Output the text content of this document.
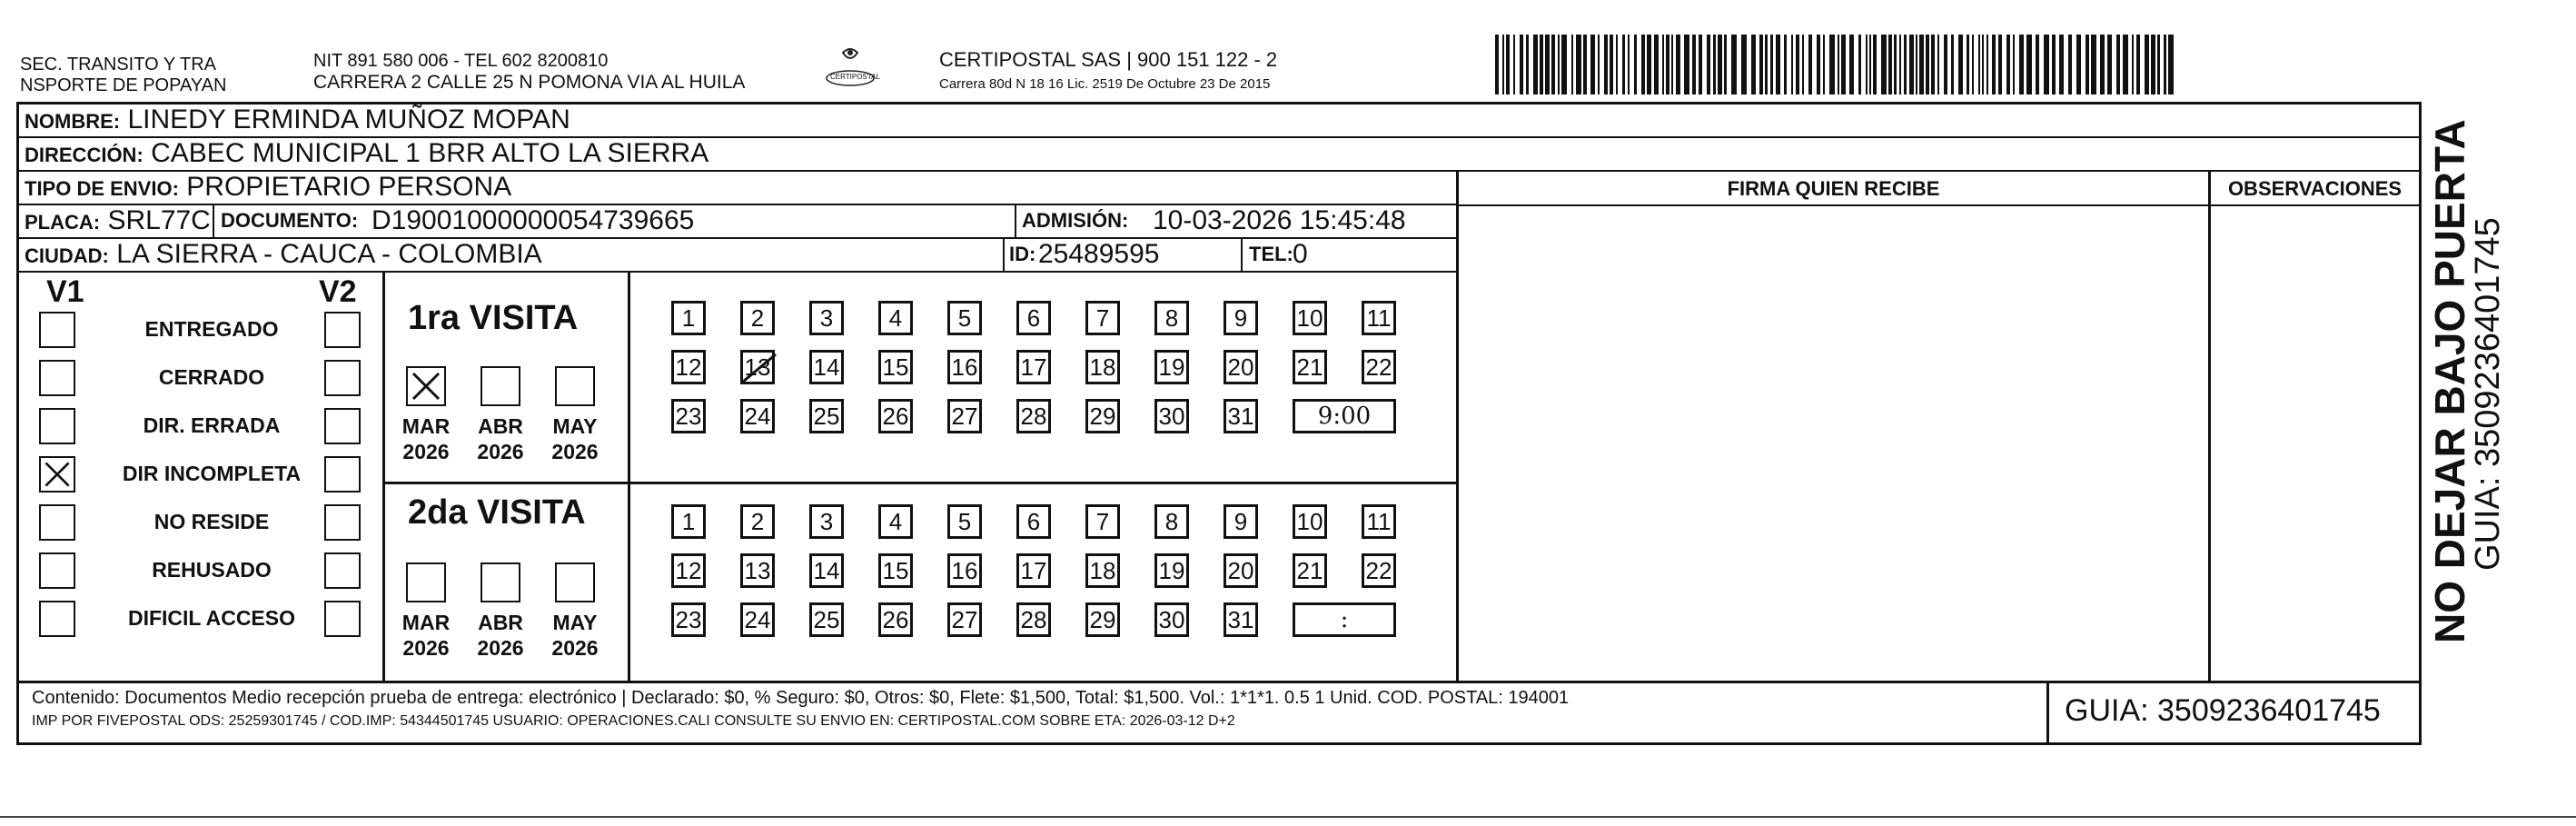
SEC. TRANSITO Y TRA
NSPORTE DE POPAYAN
NIT 891 580 006 - TEL 602 8200810
CARRERA 2 CALLE 25 N POMONA VIA AL HUILA	CERTIPOSTAL
CERTIPOSTAL SAS | 900 151 122 - 2
Carrera 80d N 18 16 Lic. 2519 De Octubre 23 De 2015
NOMBRE: LINEDY ERMINDA MUÑOZ MOPAN
DIRECCIÓN: CABEC MUNICIPAL 1 BRR ALTO LA SIERRA
TIPO DE ENVIO: PROPIETARIO PERSONA
PLACA: SRL77C DOCUMENTO: D19001000000054739665	ADMISIÓN: 10-03-2026 15:45:48
CIUDAD: LA SIERRA - CAUCA - COLOMBIA	ID: 25489595	TEL: 0
FIRMA QUIEN RECIBE	OBSERVACIONES
V1	V2
ENTREGADO
CERRADO
DIR. ERRADA
DIR INCOMPLETA
NO RESIDE
REHUSADO
DIFICIL ACCESO
1ra VISITA
MAR
2026
ABR
2026
MAY
2026
1	2	3	4	5	6	7	8	9	10 11
12 13 14 15 16 17 18 19 20 21 22
23 24 25 26 27 28 29 30 31	9:00
2da VISITA
MAR
2026
ABR
2026
MAY
2026
1	2	3	4	5	6	7	8	9	10 11
12 13 14 15 16 17 18 19 20 21 22
23 24 25 26 27 28 29 30 31	:
Contenido: Documentos Medio recepción prueba de entrega: electrónico | Declarado: $0, % Seguro: $0, Otros: $0, Flete: $1,500, Total: $1,500. Vol.: 1*1*1. 0.5 1 Unid. COD. POSTAL: 194001
IMP POR FIVEPOSTAL ODS: 25259301745 / COD.IMP: 54344501745 USUARIO: OPERACIONES.CALI CONSULTE SU ENVIO EN: CERTIPOSTAL.COM SOBRE ETA: 2026-03-12 D+2	GUIA: 3509236401745
NO DEJAR BAJO PUERTA
GUIA: 3509236401745
